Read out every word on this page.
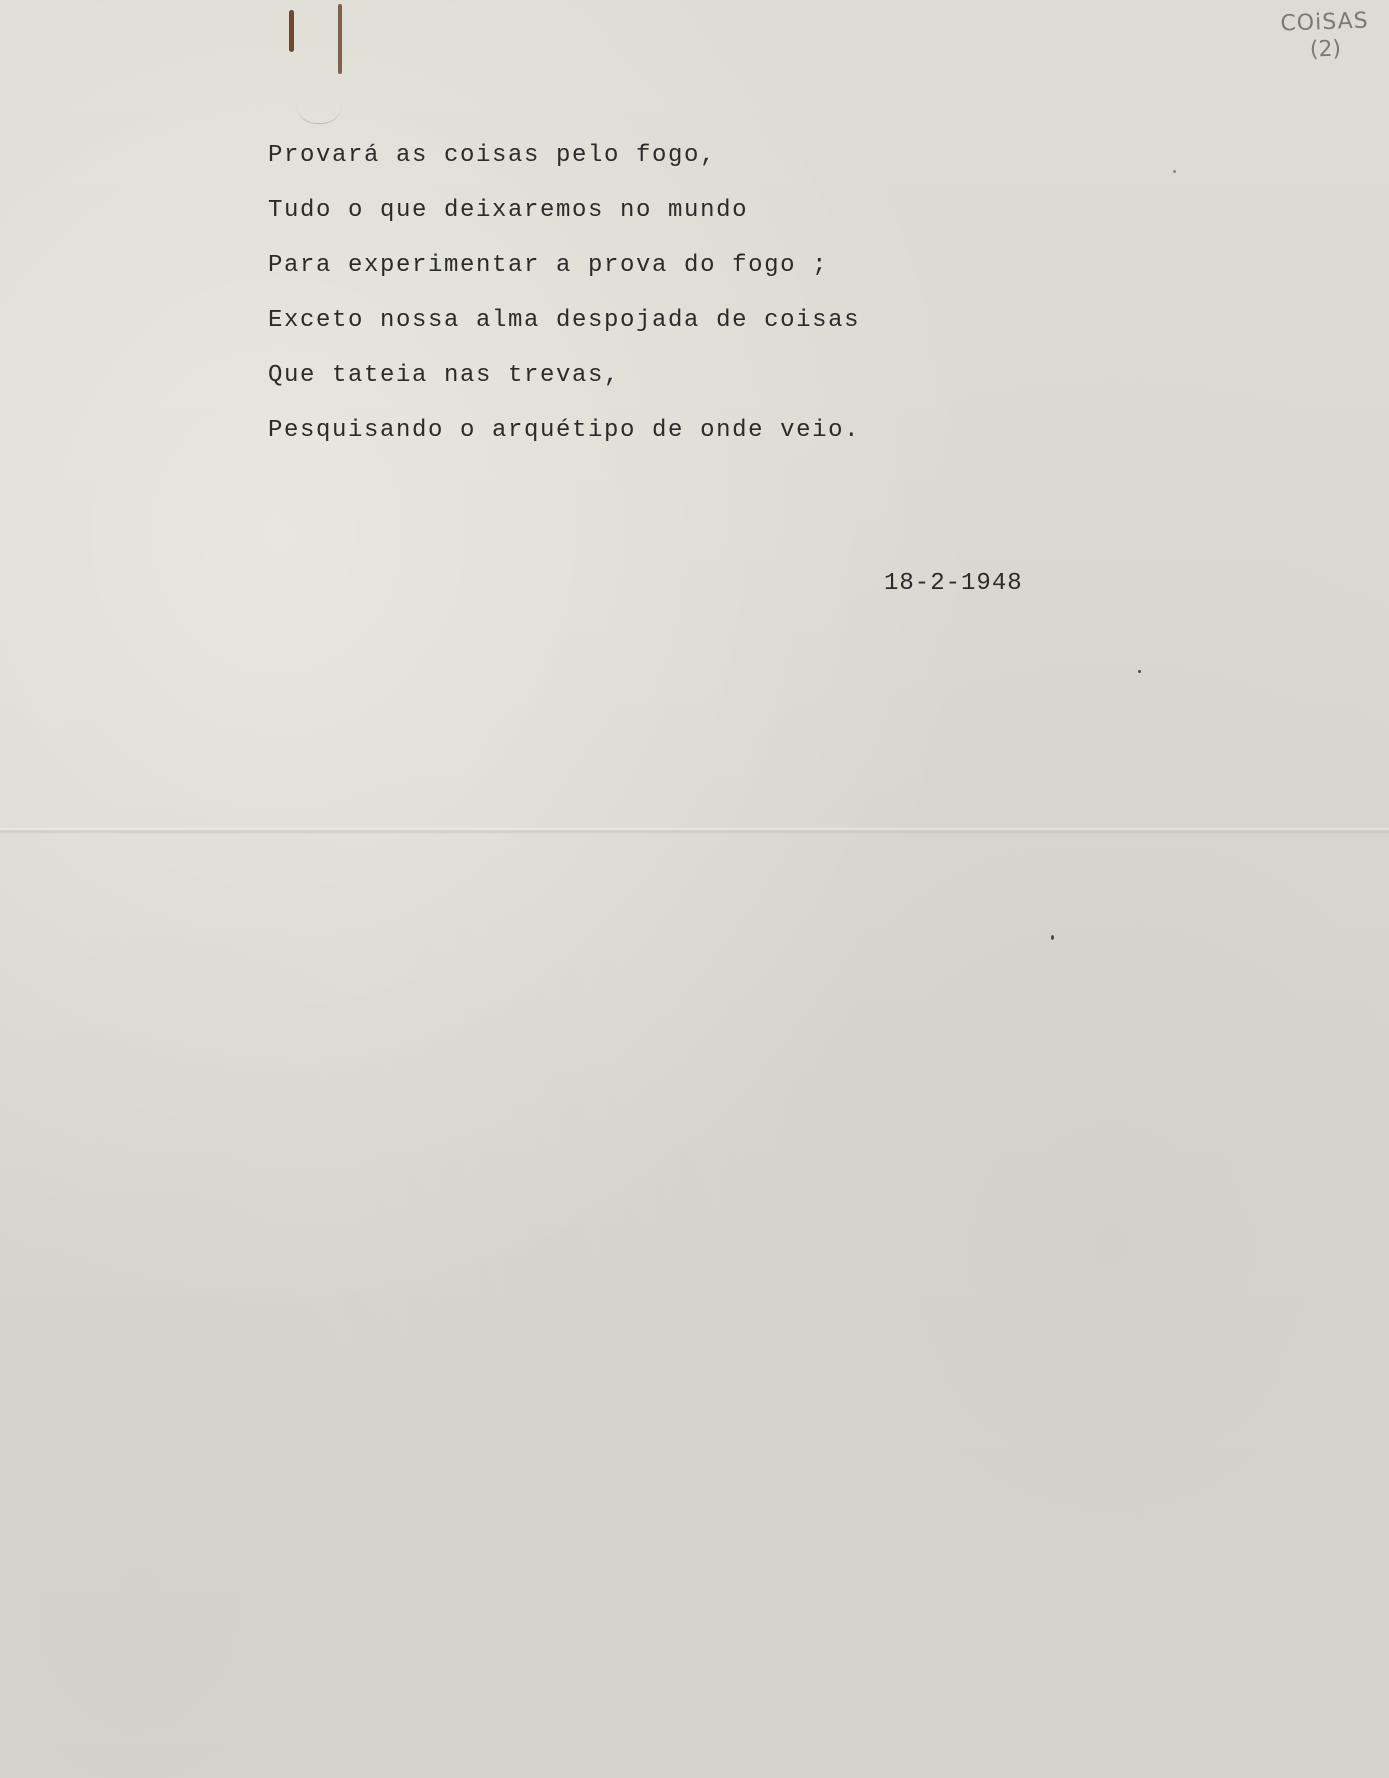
COiSAS
(2)
Provará as coisas pelo fogo,
Tudo o que deixaremos no mundo
Para experimentar a prova do fogo ;
Exceto nossa alma despojada de coisas
Que tateia nas trevas,
Pesquisando o arquétipo de onde veio.
18-2-1948
